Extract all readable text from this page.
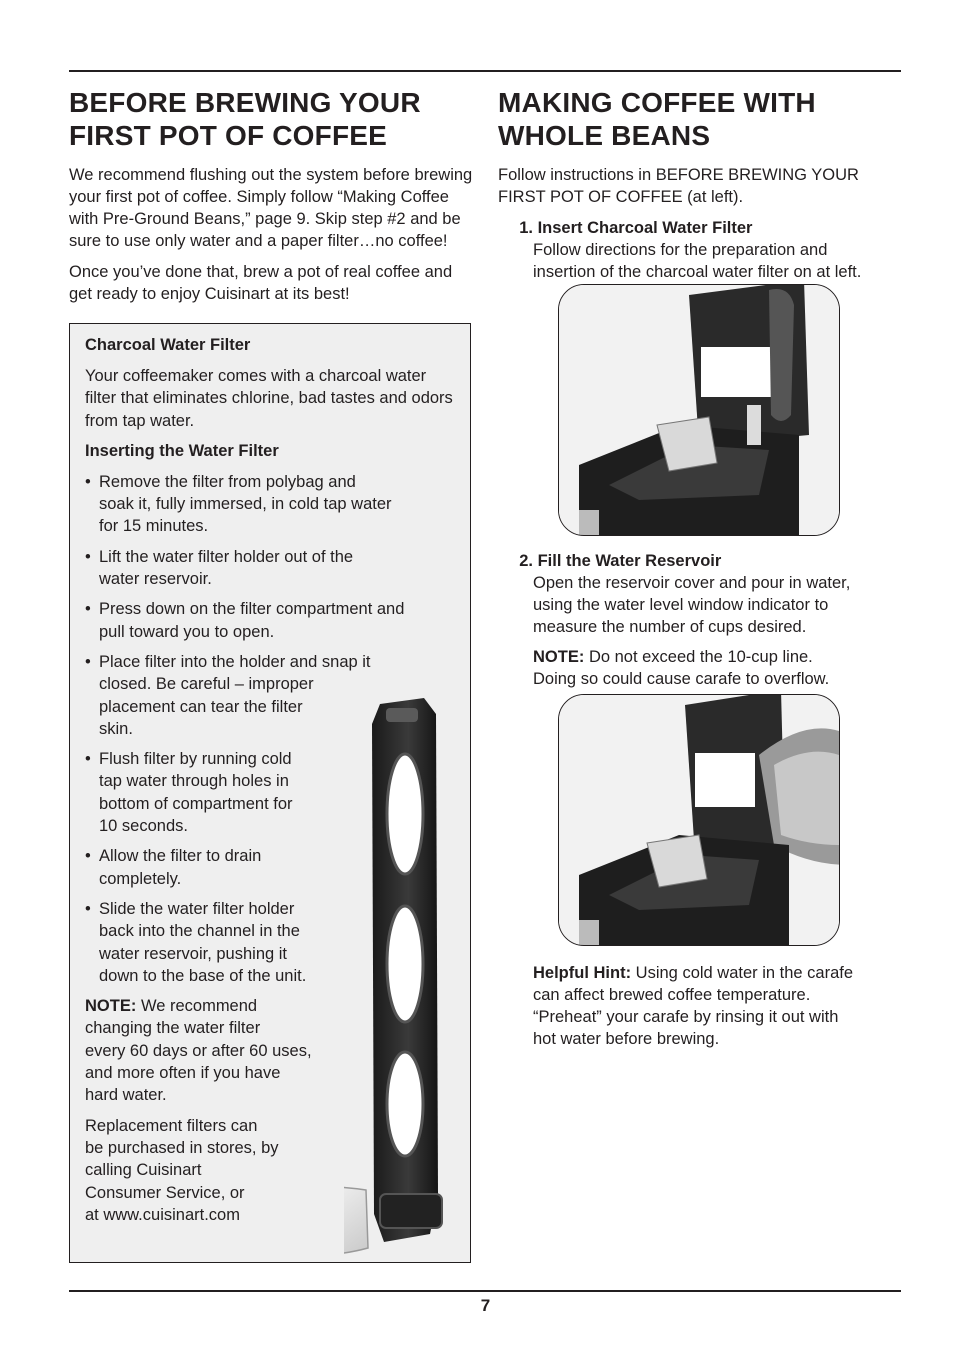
BEFORE BREWING YOUR
FIRST POT OF COFFEE

We recommend flushing out the system before brewing your first pot of coffee. Simply follow “Making Coffee with Pre-Ground Beans,” page 9. Skip step #2 and be sure to use only water and a paper filter…no coffee!

Once you’ve done that, brew a pot of real coffee and get ready to enjoy Cuisinart at its best!

Charcoal Water Filter

Your coffeemaker comes with a charcoal water filter that eliminates chlorine, bad tastes and odors from tap water.

Inserting the Water Filter
• Remove the filter from polybag and
soak it, fully immersed, in cold tap water
for 15 minutes.
• Lift the water filter holder out of the
water reservoir.
• Press down on the filter compartment and
pull toward you to open.
• Place filter into the holder and snap it
closed. Be careful – improper
placement can tear the filter
skin.
• Flush filter by running cold
tap water through holes in
bottom of compartment for
10 seconds.
• Allow the filter to drain
completely.
• Slide the water filter holder
back into the channel in the
water reservoir, pushing it
down to the base of the unit.

NOTE: We recommend
changing the water filter
every 60 days or after 60 uses,
and more often if you have
hard water.

Replacement filters can
be purchased in stores, by
calling Cuisinart
Consumer Service, or
at www.cuisinart.com

MAKING COFFEE WITH
WHOLE BEANS

Follow instructions in BEFORE BREWING YOUR
FIRST POT OF COFFEE (at left).

1. Insert Charcoal Water Filter

Follow directions for the preparation and
insertion of the charcoal water filter on at left.

2. Fill the Water Reservoir

Open the reservoir cover and pour in water,
using the water level window indicator to
measure the number of cups desired.

NOTE: Do not exceed the 10-cup line.
Doing so could cause carafe to overflow.

Helpful Hint: Using cold water in the carafe
can affect brewed coffee temperature.
“Preheat” your carafe by rinsing it out with
hot water before brewing.

7
